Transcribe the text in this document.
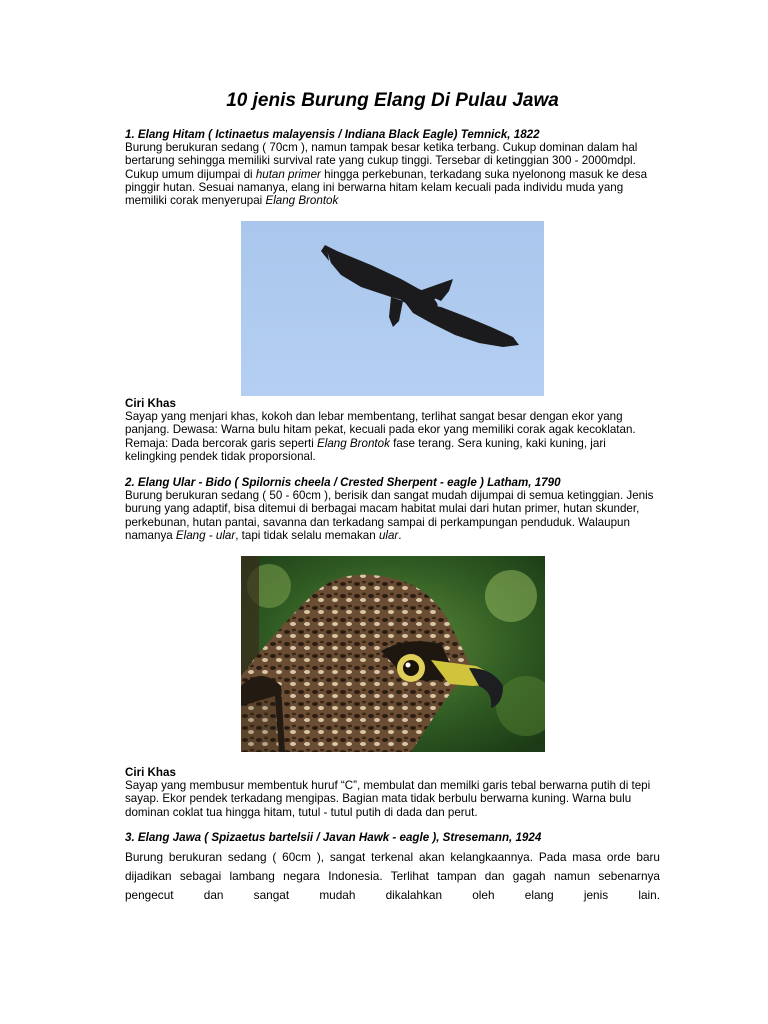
10 jenis Burung Elang Di Pulau Jawa
1. Elang Hitam ( Ictinaetus malayensis / Indiana Black Eagle) Temnick, 1822
Burung berukuran sedang ( 70cm ), namun tampak besar ketika terbang. Cukup dominan dalam hal bertarung sehingga memiliki survival rate yang cukup tinggi. Tersebar di ketinggian 300 - 2000mdpl. Cukup umum dijumpai di hutan primer hingga perkebunan, terkadang suka nyelonong masuk ke desa pinggir hutan. Sesuai namanya, elang ini berwarna hitam kelam kecuali pada individu muda yang memiliki corak menyerupai Elang Brontok
Ciri Khas
Sayap yang menjari khas, kokoh dan lebar membentang, terlihat sangat besar dengan ekor yang panjang. Dewasa: Warna bulu hitam pekat, kecuali pada ekor yang memiliki corak agak kecoklatan. Remaja: Dada bercorak garis seperti Elang Brontok fase terang. Sera kuning, kaki kuning, jari kelingking pendek tidak proporsional.
2. Elang Ular - Bido ( Spilornis cheela / Crested Sherpent - eagle ) Latham, 1790
Burung berukuran sedang ( 50 - 60cm ), berisik dan sangat mudah dijumpai di semua ketinggian. Jenis burung yang adaptif, bisa ditemui di berbagai macam habitat mulai dari hutan primer, hutan skunder, perkebunan, hutan pantai, savanna dan terkadang sampai di perkampungan penduduk. Walaupun namanya Elang - ular, tapi tidak selalu memakan ular.
Ciri Khas
Sayap yang membusur membentuk huruf “C”, membulat dan memilki garis tebal berwarna putih di tepi sayap. Ekor pendek terkadang mengipas. Bagian mata tidak berbulu berwarna kuning. Warna bulu dominan coklat tua hingga hitam, tutul - tutul putih di dada dan perut.
3. Elang Jawa ( Spizaetus bartelsii / Javan Hawk - eagle ), Stresemann, 1924
Burung berukuran sedang ( 60cm ), sangat terkenal akan kelangkaannya. Pada masa orde baru dijadikan sebagai lambang negara Indonesia. Terlihat tampan dan gagah namun sebenarnya pengecut dan sangat mudah dikalahkan oleh elang jenis lain.
